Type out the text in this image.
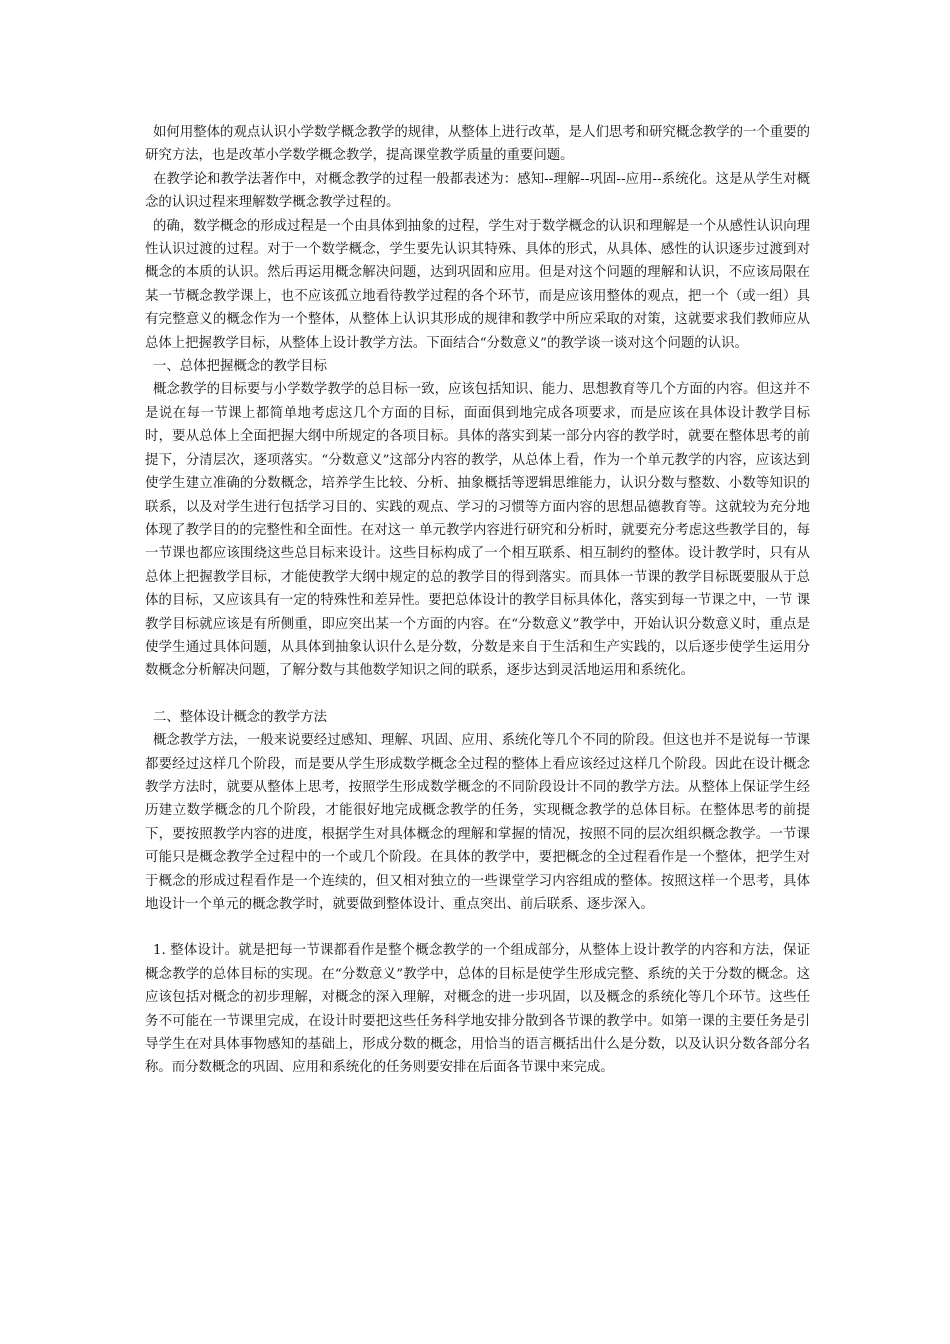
如何用整体的观点认识小学数学概念教学的规律，从整体上进行改革，是人们思考和研究概念教学的一个重要的研究方法，也是改革小学数学概念教学，提高课堂教学质量的重要问题。

在教学论和教学法著作中，对概念教学的过程一般都表述为：感知--理解--巩固--应用--系统化。这是从学生对概念的认识过程来理解数学概念教学过程的。

的确，数学概念的形成过程是一个由具体到抽象的过程，学生对于数学概念的认识和理解是一个从感性认识向理性认识过渡的过程。对于一个数学概念，学生要先认识其特殊、具体的形式，从具体、感性的认识逐步过渡到对概念的本质的认识。然后再运用概念解决问题，达到巩固和应用。但是对这个问题的理解和认识，不应该局限在某一节概念教学课上，也不应该孤立地看待教学过程的各个环节，而是应该用整体的观点，把一个（或一组）具有完整意义的概念作为一个整体，从整体上认识其形成的规律和教学中所应采取的对策，这就要求我们教师应从总体上把握教学目标，从整体上设计教学方法。下面结合“分数意义”的教学谈一谈对这个问题的认识。

一、总体把握概念的教学目标

概念教学的目标要与小学数学教学的总目标一致，应该包括知识、能力、思想教育等几个方面的内容。但这并不是说在每一节课上都简单地考虑这几个方面的目标，面面俱到地完成各项要求，而是应该在具体设计教学目标时，要从总体上全面把握大纲中所规定的各项目标。具体的落实到某一部分内容的教学时，就要在整体思考的前提下，分清层次，逐项落实。“分数意义”这部分内容的教学，从总体上看，作为一个单元教学的内容，应该达到使学生建立准确的分数概念，培养学生比较、分析、抽象概括等逻辑思维能力，认识分数与整数、小数等知识的联系，以及对学生进行包括学习目的、实践的观点、学习的习惯等方面内容的思想品德教育等。这就较为充分地体现了教学目的的完整性和全面性。在对这一 单元教学内容进行研究和分析时，就要充分考虑这些教学目的，每一节课也都应该围绕这些总目标来设计。这些目标构成了一个相互联系、相互制约的整体。设计教学时，只有从总体上把握教学目标，才能使教学大纲中规定的总的教学目的得到落实。而具体一节课的教学目标既要服从于总体的目标，又应该具有一定的特殊性和差异性。要把总体设计的教学目标具体化，落实到每一节课之中，一节 课教学目标就应该是有所侧重，即应突出某一个方面的内容。在“分数意义”教学中，开始认识分数意义时，重点是使学生通过具体问题，从具体到抽象认识什么是分数，分数是来自于生活和生产实践的，以后逐步使学生运用分数概念分析解决问题，了解分数与其他数学知识之间的联系，逐步达到灵活地运用和系统化。

二、整体设计概念的教学方法

概念教学方法，一般来说要经过感知、理解、巩固、应用、系统化等几个不同的阶段。但这也并不是说每一节课都要经过这样几个阶段，而是要从学生形成数学概念全过程的整体上看应该经过这样几个阶段。因此在设计概念教学方法时，就要从整体上思考，按照学生形成数学概念的不同阶段设计不同的教学方法。从整体上保证学生经历建立数学概念的几个阶段，才能很好地完成概念教学的任务，实现概念教学的总体目标。在整体思考的前提下，要按照教学内容的进度，根据学生对具体概念的理解和掌握的情况，按照不同的层次组织概念教学。一节课可能只是概念教学全过程中的一个或几个阶段。在具体的教学中，要把概念的全过程看作是一个整体，把学生对于概念的形成过程看作是一个连续的，但又相对独立的一些课堂学习内容组成的整体。按照这样一个思考，具体地设计一个单元的概念教学时，就要做到整体设计、重点突出、前后联系、逐步深入。

1. 整体设计。就是把每一节课都看作是整个概念教学的一个组成部分，从整体上设计教学的内容和方法，保证概念教学的总体目标的实现。在“分数意义”教学中，总体的目标是使学生形成完整、系统的关于分数的概念。这应该包括对概念的初步理解，对概念的深入理解，对概念的进一步巩固，以及概念的系统化等几个环节。这些任务不可能在一节课里完成，在设计时要把这些任务科学地安排分散到各节课的教学中。如第一课的主要任务是引导学生在对具体事物感知的基础上，形成分数的概念，用恰当的语言概括出什么是分数，以及认识分数各部分名称。而分数概念的巩固、应用和系统化的任务则要安排在后面各节课中来完成。
